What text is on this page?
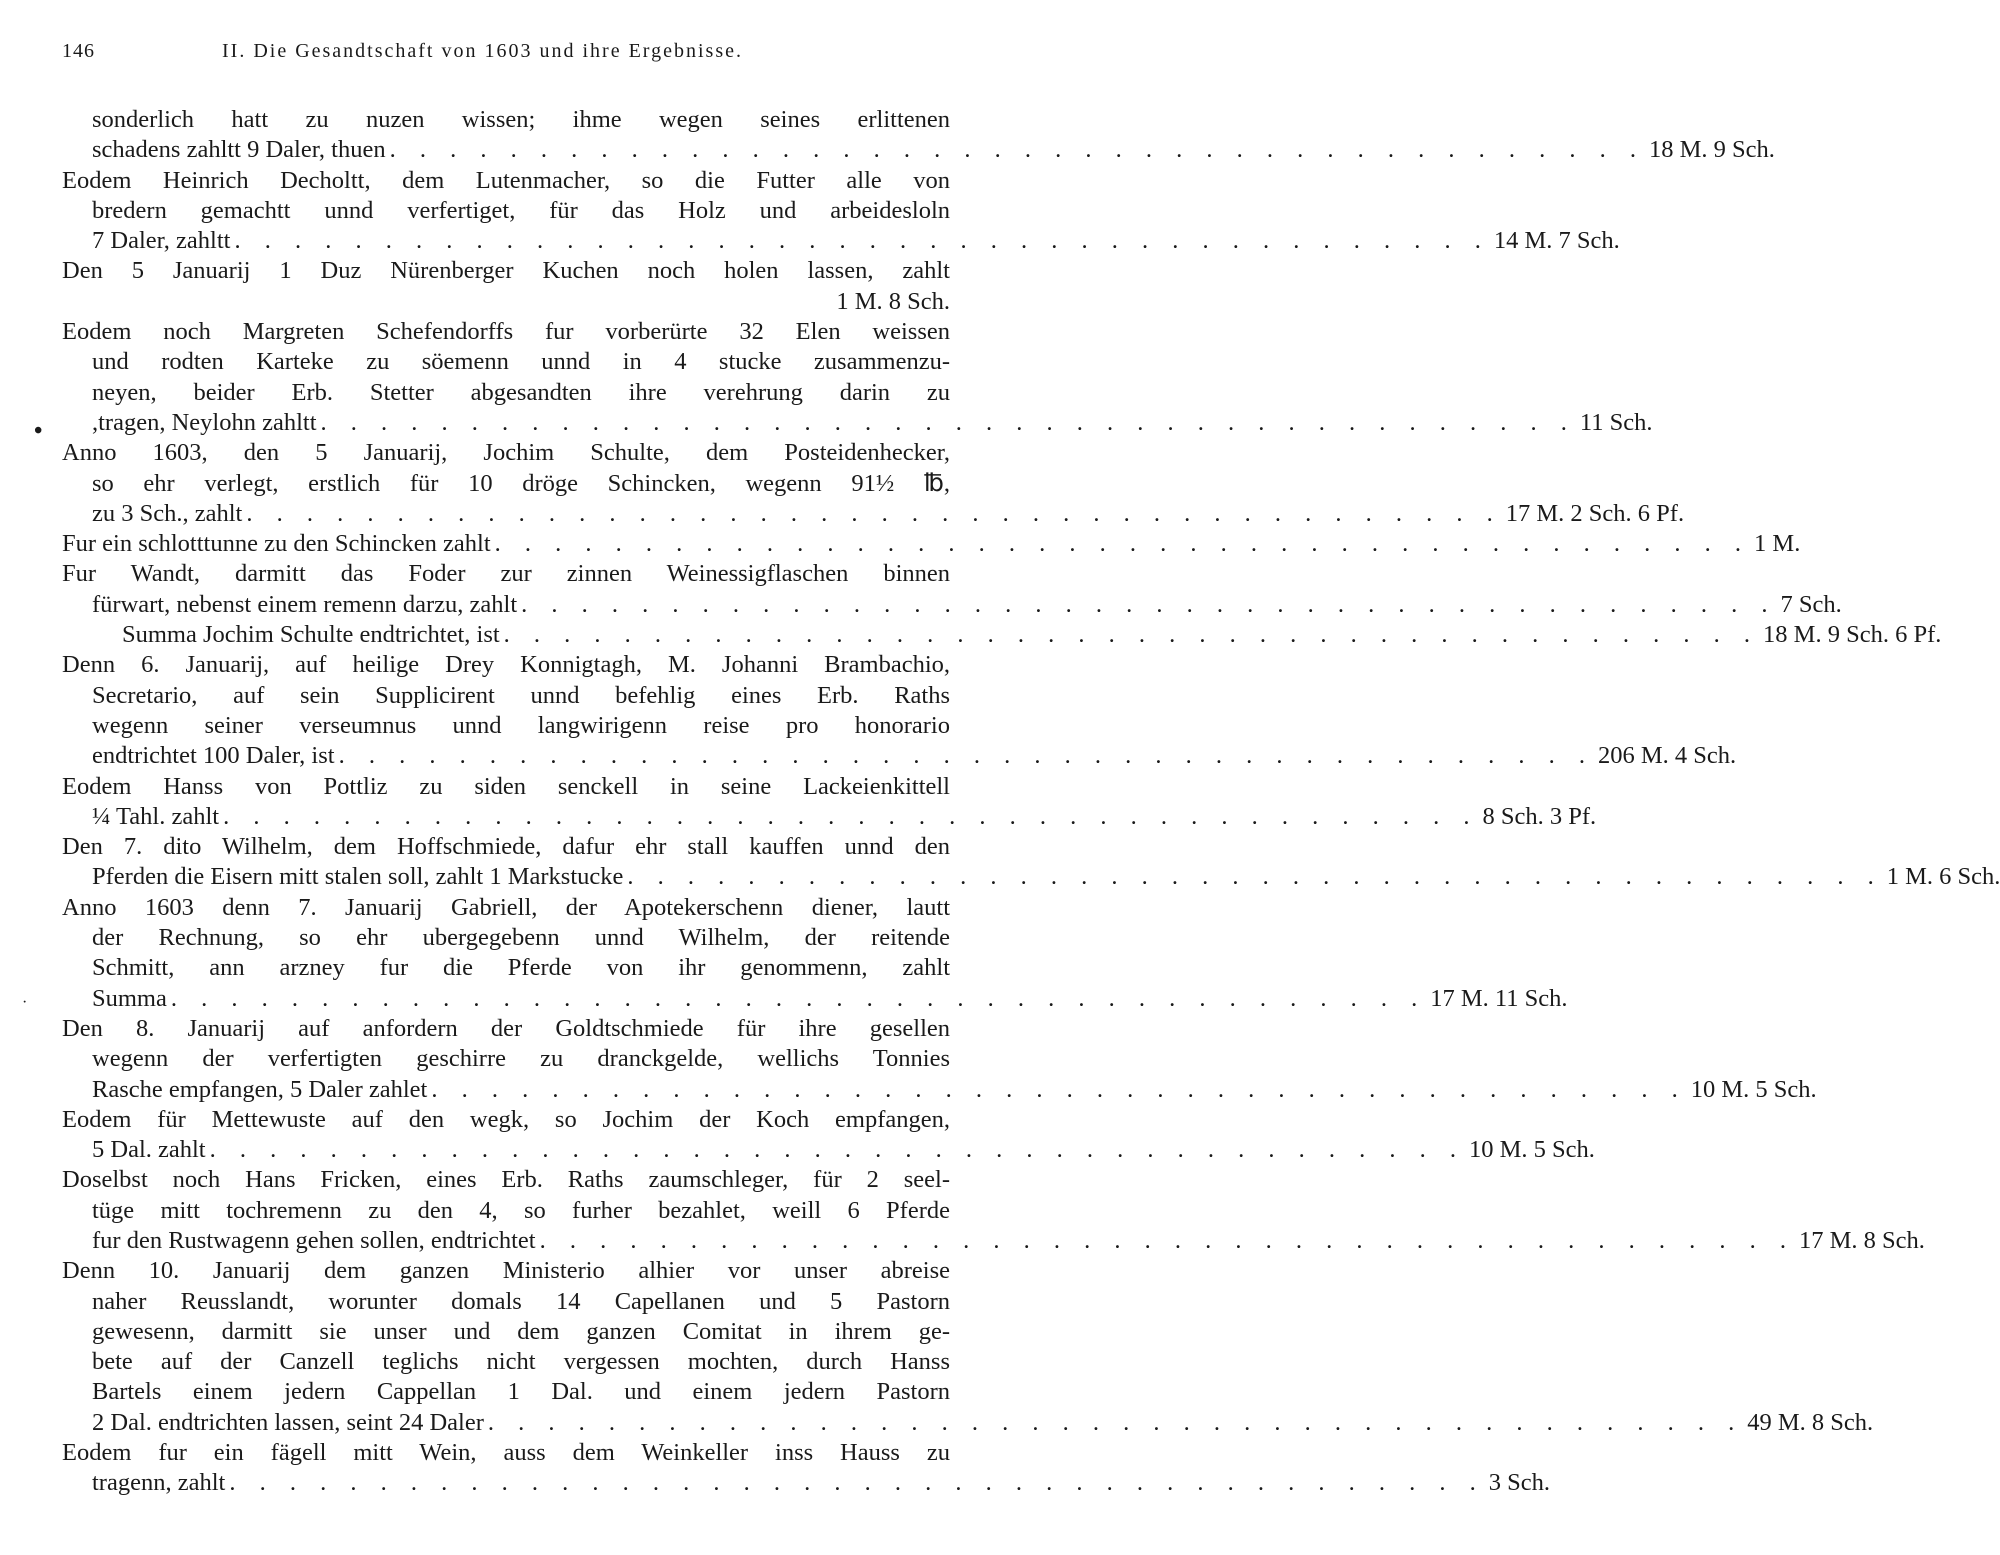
146	II. Die Gesandtschaft von 1603 und ihre Ergebnisse.
•
·
sonderlich hatt zu nuzen wissen; ihme wegen seines erlittenen
schadens zahltt 9 Daler, thuen . . . . . . . . . . . . . . . . . . . . . . . . . . . . . . . . . . . . . . . . . . 18 M. 9 Sch.
Eodem Heinrich Decholtt, dem Lutenmacher, so die Futter alle von
bredern gemachtt unnd verfertiget, für das Holz und arbeidesloln
7 Daler, zahltt . . . . . . . . . . . . . . . . . . . . . . . . . . . . . . . . . . . . . . . . . . 14 M. 7 Sch.
Den 5 Januarij 1 Duz Nürenberger Kuchen noch holen lassen, zahlt
1 M. 8 Sch.
Eodem noch Margreten Schefendorffs fur vorberürte 32 Elen weissen
und rodten Karteke zu söemenn unnd in 4 stucke zusammenzu-
neyen, beider Erb. Stetter abgesandten ihre verehrung darin zu
,tragen, Neylohn zahltt . . . . . . . . . . . . . . . . . . . . . . . . . . . . . . . . . . . . . . . . . . 11 Sch.
Anno 1603, den 5 Januarij, Jochim Schulte, dem Posteidenhecker,
so ehr verlegt, erstlich für 10 dröge Schincken, wegenn 91½ ℔,
zu 3 Sch., zahlt . . . . . . . . . . . . . . . . . . . . . . . . . . . . . . . . . . . . . . . . . . 17 M. 2 Sch. 6 Pf.
Fur ein schlotttunne zu den Schincken zahlt . . . . . . . . . . . . . . . . . . . . . . . . . . . . . . . . . . . . . . . . . . 1 M.
Fur Wandt, darmitt das Foder zur zinnen Weinessigflaschen binnen
fürwart, nebenst einem remenn darzu, zahlt . . . . . . . . . . . . . . . . . . . . . . . . . . . . . . . . . . . . . . . . . . 7 Sch.
Summa Jochim Schulte endtrichtet, ist . . . . . . . . . . . . . . . . . . . . . . . . . . . . . . . . . . . . . . . . . . 18 M. 9 Sch. 6 Pf.
Denn 6. Januarij, auf heilige Drey Konnigtagh, M. Johanni Brambachio,
Secretario, auf sein Supplicirent unnd befehlig eines Erb. Raths
wegenn seiner verseumnus unnd langwirigenn reise pro honorario
endtrichtet 100 Daler, ist . . . . . . . . . . . . . . . . . . . . . . . . . . . . . . . . . . . . . . . . . . 206 M. 4 Sch.
Eodem Hanss von Pottliz zu siden senckell in seine Lackeienkittell
¼ Tahl. zahlt . . . . . . . . . . . . . . . . . . . . . . . . . . . . . . . . . . . . . . . . . . 8 Sch. 3 Pf.
Den 7. dito Wilhelm, dem Hoffschmiede, dafur ehr stall kauffen unnd den
Pferden die Eisern mitt stalen soll, zahlt 1 Markstucke . . . . . . . . . . . . . . . . . . . . . . . . . . . . . . . . . . . . . . . . . . 1 M. 6 Sch.
Anno 1603 denn 7. Januarij Gabriell, der Apotekerschenn diener, lautt
der Rechnung, so ehr ubergegebenn unnd Wilhelm, der reitende
Schmitt, ann arzney fur die Pferde von ihr genommenn, zahlt
Summa . . . . . . . . . . . . . . . . . . . . . . . . . . . . . . . . . . . . . . . . . . 17 M. 11 Sch.
Den 8. Januarij auf anfordern der Goldtschmiede für ihre gesellen
wegenn der verfertigten geschirre zu dranckgelde, wellichs Tonnies
Rasche empfangen, 5 Daler zahlet . . . . . . . . . . . . . . . . . . . . . . . . . . . . . . . . . . . . . . . . . . 10 M. 5 Sch.
Eodem für Mettewuste auf den wegk, so Jochim der Koch empfangen,
5 Dal. zahlt . . . . . . . . . . . . . . . . . . . . . . . . . . . . . . . . . . . . . . . . . . 10 M. 5 Sch.
Doselbst noch Hans Fricken, eines Erb. Raths zaumschleger, für 2 seel-
tüge mitt tochremenn zu den 4, so furher bezahlet, weill 6 Pferde
fur den Rustwagenn gehen sollen, endtrichtet . . . . . . . . . . . . . . . . . . . . . . . . . . . . . . . . . . . . . . . . . . 17 M. 8 Sch.
Denn 10. Januarij dem ganzen Ministerio alhier vor unser abreise
naher Reusslandt, worunter domals 14 Capellanen und 5 Pastorn
gewesenn, darmitt sie unser und dem ganzen Comitat in ihrem ge-
bete auf der Canzell teglichs nicht vergessen mochten, durch Hanss
Bartels einem jedern Cappellan 1 Dal. und einem jedern Pastorn
2 Dal. endtrichten lassen, seint 24 Daler . . . . . . . . . . . . . . . . . . . . . . . . . . . . . . . . . . . . . . . . . . 49 M. 8 Sch.
Eodem fur ein fägell mitt Wein, auss dem Weinkeller inss Hauss zu
tragenn, zahlt . . . . . . . . . . . . . . . . . . . . . . . . . . . . . . . . . . . . . . . . . . 3 Sch.
